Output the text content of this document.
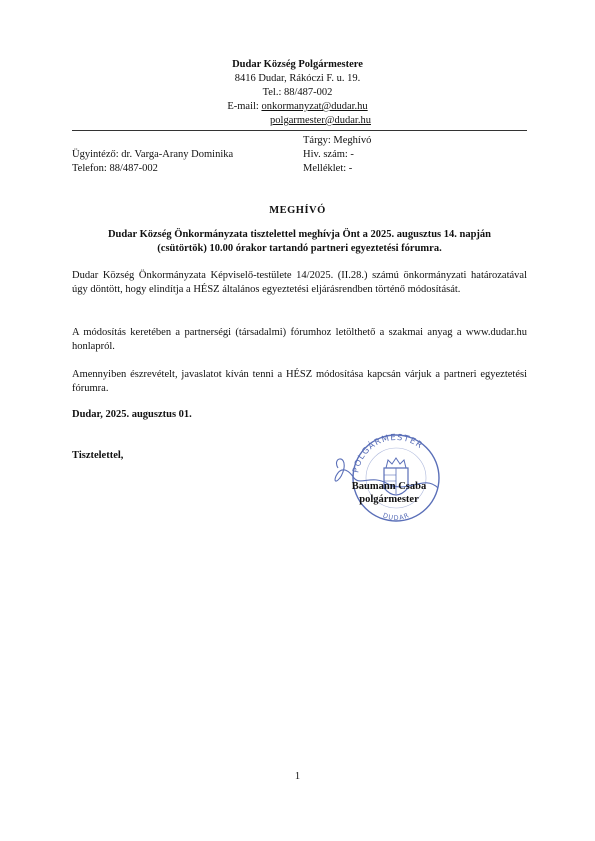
Dudar Község Polgármestere
8416 Dudar, Rákóczi F. u. 19.
Tel.: 88/487-002
E-mail: onkormanyzat@dudar.hu
polgarmester@dudar.hu
Ügyintéző: dr. Varga-Arany Dominika
Telefon: 88/487-002
Tárgy: Meghívó
Hiv. szám: -
Melléklet: -
MEGHÍVÓ
Dudar Község Önkormányzata tisztelettel meghívja Önt a 2025. augusztus 14. napján
(csütörtök) 10.00 órakor tartandó partneri egyeztetési fórumra.
Dudar Község Önkormányzata Képviselő-testülete 14/2025. (II.28.) számú önkormányzati határozatával úgy döntött, hogy elindítja a HÉSZ általános egyeztetési eljárásrendben történő módosítását.
A módosítás keretében a partnerségi (társadalmi) fórumhoz letölthető a szakmai anyag a www.dudar.hu honlapról.
Amennyiben észrevételt, javaslatot kíván tenni a HÉSZ módosítása kapcsán várjuk a partneri egyeztetési fórumra.
Dudar, 2025. augusztus 01.
Tisztelettel,
POLGÁRMESTER
DUDAR
Baumann Csaba
polgármester
1
